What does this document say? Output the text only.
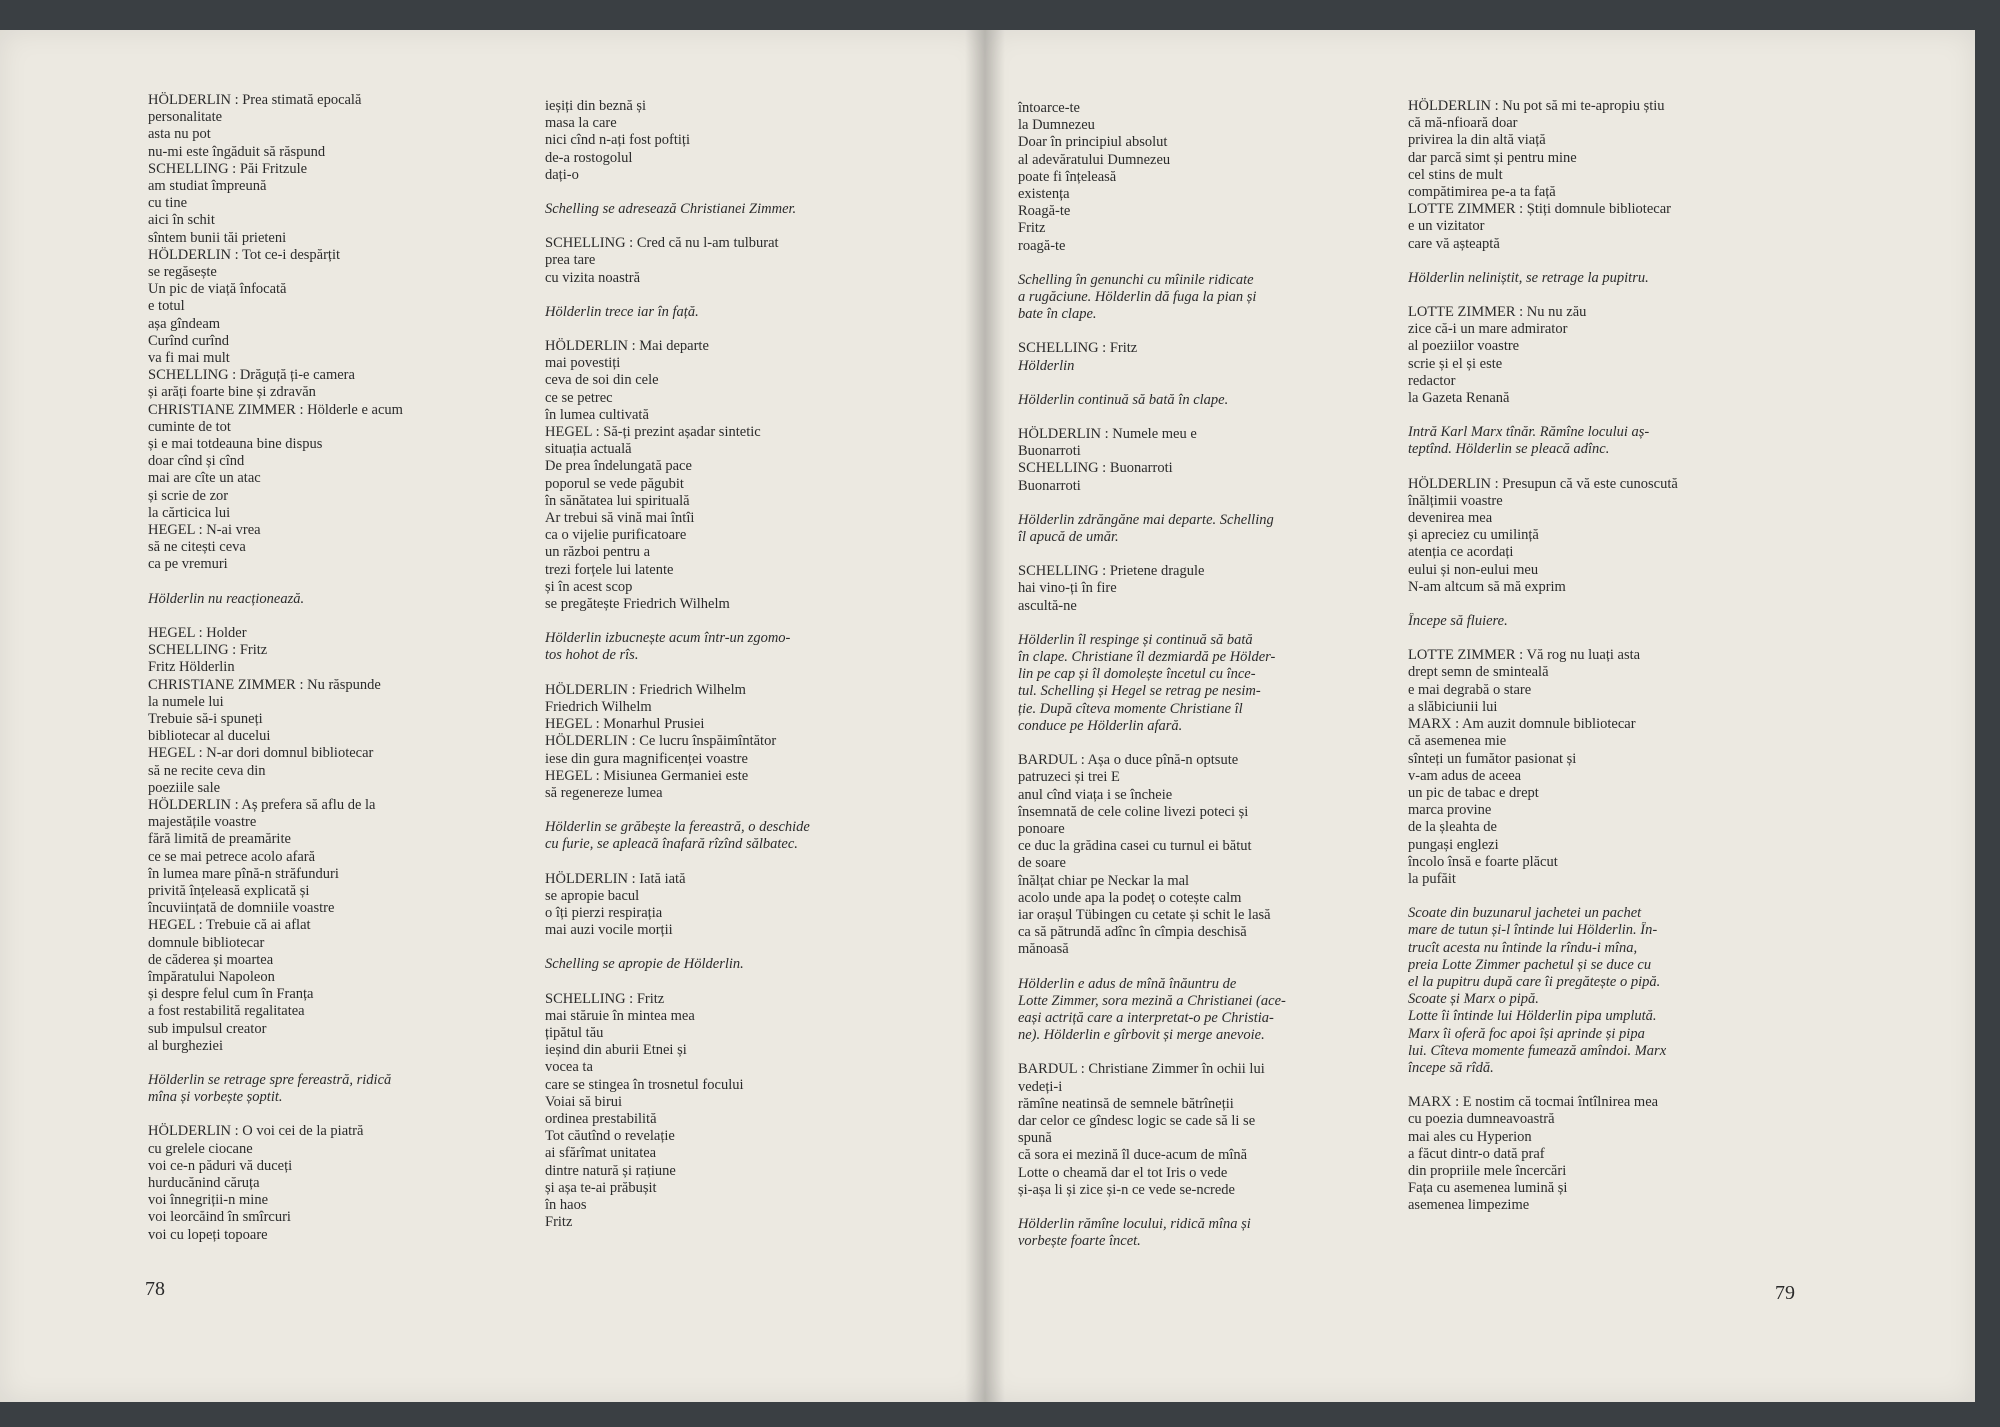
HÖLDERLIN : Prea stimată epocală
personalitate
asta nu pot
nu-mi este îngăduit să răspund
SCHELLING : Păi Fritzule
am studiat împreună
cu tine
aici în schit
sîntem bunii tăi prieteni
HÖLDERLIN : Tot ce-i despărțit
se regăsește
Un pic de viață înfocată
e totul
așa gîndeam
Curînd curînd
va fi mai mult
SCHELLING : Drăguță ți-e camera
și arăți foarte bine și zdravăn
CHRISTIANE ZIMMER : Hölderle e acum
cuminte de tot
și e mai totdeauna bine dispus
doar cînd și cînd
mai are cîte un atac
și scrie de zor
la cărticica lui
HEGEL : N-ai vrea
să ne citești ceva
ca pe vremuri
Hölderlin nu reacționează.
HEGEL : Holder
SCHELLING : Fritz
Fritz Hölderlin
CHRISTIANE ZIMMER : Nu răspunde
la numele lui
Trebuie să-i spuneți
bibliotecar al ducelui
HEGEL : N-ar dori domnul bibliotecar
să ne recite ceva din
poeziile sale
HÖLDERLIN : Aș prefera să aflu de la
majestățile voastre
fără limită de preamărite
ce se mai petrece acolo afară
în lumea mare pînă-n străfunduri
privită înțeleasă explicată și
încuviințată de domniile voastre
HEGEL : Trebuie că ai aflat
domnule bibliotecar
de căderea și moartea
împăratului Napoleon
și despre felul cum în Franța
a fost restabilită regalitatea
sub impulsul creator
al burgheziei
Hölderlin se retrage spre fereastră, ridică
mîna și vorbește șoptit.
HÖLDERLIN : O voi cei de la piatră
cu grelele ciocane
voi ce-n păduri vă duceți
hurducănind căruța
voi înnegriții-n mine
voi leorcăind în smîrcuri
voi cu lopeți topoare
ieșiți din beznă și
masa la care
nici cînd n-ați fost poftiți
de-a rostogolul
dați-o
Schelling se adresează Christianei Zimmer.
SCHELLING : Cred că nu l-am tulburat
prea tare
cu vizita noastră
Hölderlin trece iar în față.
HÖLDERLIN : Mai departe
mai povestiți
ceva de soi din cele
ce se petrec
în lumea cultivată
HEGEL : Să-ți prezint așadar sintetic
situația actuală
De prea îndelungată pace
poporul se vede păgubit
în sănătatea lui spirituală
Ar trebui să vină mai întîi
ca o vijelie purificatoare
un război pentru a
trezi forțele lui latente
și în acest scop
se pregătește Friedrich Wilhelm
Hölderlin izbucnește acum într-un zgomo-
tos hohot de rîs.
HÖLDERLIN : Friedrich Wilhelm
Friedrich Wilhelm
HEGEL : Monarhul Prusiei
HÖLDERLIN : Ce lucru înspăimîntător
iese din gura magnificenței voastre
HEGEL : Misiunea Germaniei este
să regenereze lumea
Hölderlin se grăbește la fereastră, o deschide
cu furie, se apleacă înafară rîzînd sălbatec.
HÖLDERLIN : Iată iată
se apropie bacul
o îți pierzi respirația
mai auzi vocile morții
Schelling se apropie de Hölderlin.
SCHELLING : Fritz
mai stăruie în mintea mea
țipătul tău
ieșind din aburii Etnei și
vocea ta
care se stingea în trosnetul focului
Voiai să birui
ordinea prestabilită
Tot căutînd o revelație
ai sfărîmat unitatea
dintre natură și rațiune
și așa te-ai prăbușit
în haos
Fritz
întoarce-te
la Dumnezeu
Doar în principiul absolut
al adevăratului Dumnezeu
poate fi înțeleasă
existența
Roagă-te
Fritz
roagă-te
Schelling în genunchi cu mîinile ridicate
a rugăciune. Hölderlin dă fuga la pian și
bate în clape.
SCHELLING : Fritz
Hölderlin
Hölderlin continuă să bată în clape.
HÖLDERLIN : Numele meu e
Buonarroti
SCHELLING : Buonarroti
Buonarroti
Hölderlin zdrăngăne mai departe. Schelling
îl apucă de umăr.
SCHELLING : Prietene dragule
hai vino-ți în fire
ascultă-ne
Hölderlin îl respinge și continuă să bată
în clape. Christiane îl dezmiardă pe Hölder-
lin pe cap și îl domolește încetul cu înce-
tul. Schelling și Hegel se retrag pe nesim-
ție. După cîteva momente Christiane îl
conduce pe Hölderlin afară.
BARDUL : Așa o duce pînă-n optsute
patruzeci și trei E
anul cînd viața i se încheie
însemnată de cele coline livezi poteci și
ponoare
ce duc la grădina casei cu turnul ei bătut
de soare
înălțat chiar pe Neckar la mal
acolo unde apa la podeț o cotește calm
iar orașul Tübingen cu cetate și schit le lasă
ca să pătrundă adînc în cîmpia deschisă
mănoasă
Hölderlin e adus de mînă înăuntru de
Lotte Zimmer, sora mezină a Christianei (ace-
eași actriță care a interpretat-o pe Christia-
ne). Hölderlin e gîrbovit și merge anevoie.
BARDUL : Christiane Zimmer în ochii lui
vedeți-i
rămîne neatinsă de semnele bătrîneții
dar celor ce gîndesc logic se cade să li se
spună
că sora ei mezină îl duce-acum de mînă
Lotte o cheamă dar el tot Iris o vede
și-așa li și zice și-n ce vede se-ncrede
Hölderlin rămîne locului, ridică mîna și
vorbește foarte încet.
HÖLDERLIN : Nu pot să mi te-apropiu știu
că mă-nfioară doar
privirea la din altă viață
dar parcă simt și pentru mine
cel stins de mult
compătimirea pe-a ta față
LOTTE ZIMMER : Știți domnule bibliotecar
e un vizitator
care vă așteaptă
Hölderlin neliniștit, se retrage la pupitru.
LOTTE ZIMMER : Nu nu zău
zice că-i un mare admirator
al poeziilor voastre
scrie și el și este
redactor
la Gazeta Renană
Intră Karl Marx tînăr. Rămîne locului aș-
teptînd. Hölderlin se pleacă adînc.
HÖLDERLIN : Presupun că vă este cunoscută
înălțimii voastre
devenirea mea
și apreciez cu umilință
atenția ce acordați
eului și non-eului meu
N-am altcum să mă exprim
Începe să fluiere.
LOTTE ZIMMER : Vă rog nu luați asta
drept semn de sminteală
e mai degrabă o stare
a slăbiciunii lui
MARX : Am auzit domnule bibliotecar
că asemenea mie
sînteți un fumător pasionat și
v-am adus de aceea
un pic de tabac e drept
marca provine
de la șleahta de
pungași englezi
încolo însă e foarte plăcut
la pufăit
Scoate din buzunarul jachetei un pachet
mare de tutun și-l întinde lui Hölderlin. În-
trucît acesta nu întinde la rîndu-i mîna,
preia Lotte Zimmer pachetul și se duce cu
el la pupitru după care îi pregătește o pipă.
Scoate și Marx o pipă.
Lotte îi întinde lui Hölderlin pipa umplută.
Marx îi oferă foc apoi își aprinde și pipa
lui. Cîteva momente fumează amîndoi. Marx
începe să rîdă.
MARX : E nostim că tocmai întîlnirea mea
cu poezia dumneavoastră
mai ales cu Hyperion
a făcut dintr-o dată praf
din propriile mele încercări
Fața cu asemenea lumină și
asemenea limpezime
78	79
